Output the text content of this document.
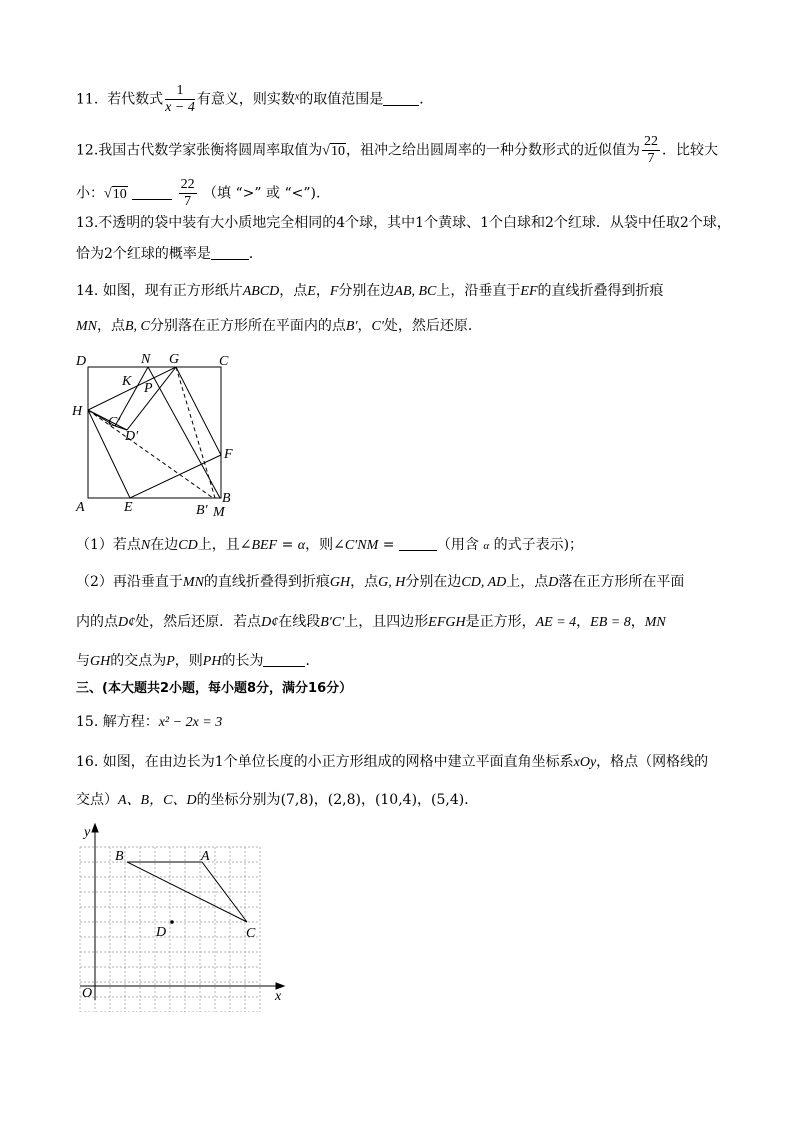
11. 若代数式 $\frac{1}{x - 4}$ 有意义，则实数$^x$的取值范围是	．
12.我国古代数学家张衡将圆周率取值为√10，祖冲之给出圆周率的一种分数形式的近似值为 $\frac{22}{7}$ ．比较大
小：√10	$\frac{22}{7}$ （填 “>” 或 “<”).
13.不透明的袋中装有大小质地完全相同的4个球，其中1个黄球、1个白球和2个红球．从袋中任取2个球，
恰为2个红球的概率是	．
14. 如图，现有正方形纸片ABCD，点E，F分别在边AB, BC上，沿垂直于EF的直线折叠得到折痕
MN，点B, C分别落在正方形所在平面内的点B′，C′处，然后还原．
D	N G	C
K P
H
C′
D′
F
A	E
B
B′ M
（1）若点N在边CD上，且∠BEF = α，则∠C′NM =	（用含 α 的式子表示)；
（2）再沿垂直于MN的直线折叠得到折痕GH，点G, H分别在边CD, AD上，点D落在正方形所在平面
内的点D¢处，然后还原．若点D¢在线段B′C′上，且四边形EFGH是正方形，AE = 4，EB = 8，MN
与GH的交点为P，则PH的长为	．
三、(本大题共2小题，每小题8分，满分16分）
15. 解方程：x² − 2x = 3
16. 如图，在由边长为1个单位长度的小正方形组成的网格中建立平面直角坐标系xOy，格点（网格线的
交点）A、B，C、D的坐标分别为(7,8)，(2,8)，(10,4)，(5,4)．
y
x
O
A
B
C
D
